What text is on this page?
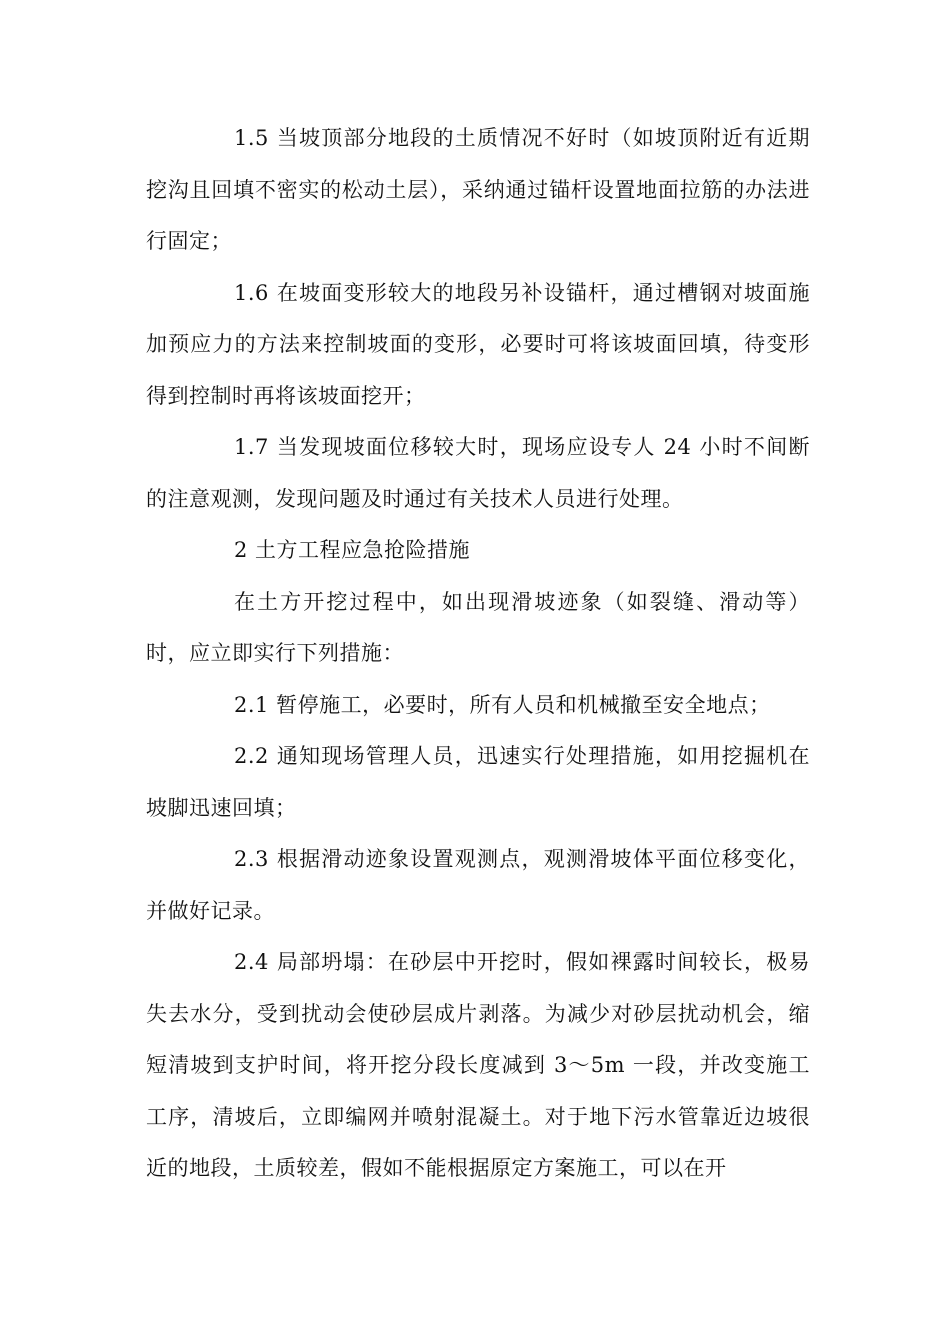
1.5 当坡顶部分地段的土质情况不好时（如坡顶附近有近期挖沟且回填不密实的松动土层），采纳通过锚杆设置地面拉筋的办法进行固定；

1.6 在坡面变形较大的地段另补设锚杆，通过槽钢对坡面施加预应力的方法来控制坡面的变形，必要时可将该坡面回填，待变形得到控制时再将该坡面挖开；

1.7 当发现坡面位移较大时，现场应设专人 24 小时不间断的注意观测，发现问题及时通过有关技术人员进行处理。

2 土方工程应急抢险措施

在土方开挖过程中，如出现滑坡迹象（如裂缝、滑动等）时，应立即实行下列措施：

2.1 暂停施工，必要时，所有人员和机械撤至安全地点；

2.2 通知现场管理人员，迅速实行处理措施，如用挖掘机在坡脚迅速回填；

2.3 根据滑动迹象设置观测点，观测滑坡体平面位移变化，并做好记录。

2.4 局部坍塌：在砂层中开挖时，假如裸露时间较长，极易失去水分，受到扰动会使砂层成片剥落。为减少对砂层扰动机会，缩短清坡到支护时间，将开挖分段长度减到 3～5m 一段，并改变施工工序，清坡后，立即编网并喷射混凝土。对于地下污水管靠近边坡很近的地段，土质较差，假如不能根据原定方案施工，可以在开
